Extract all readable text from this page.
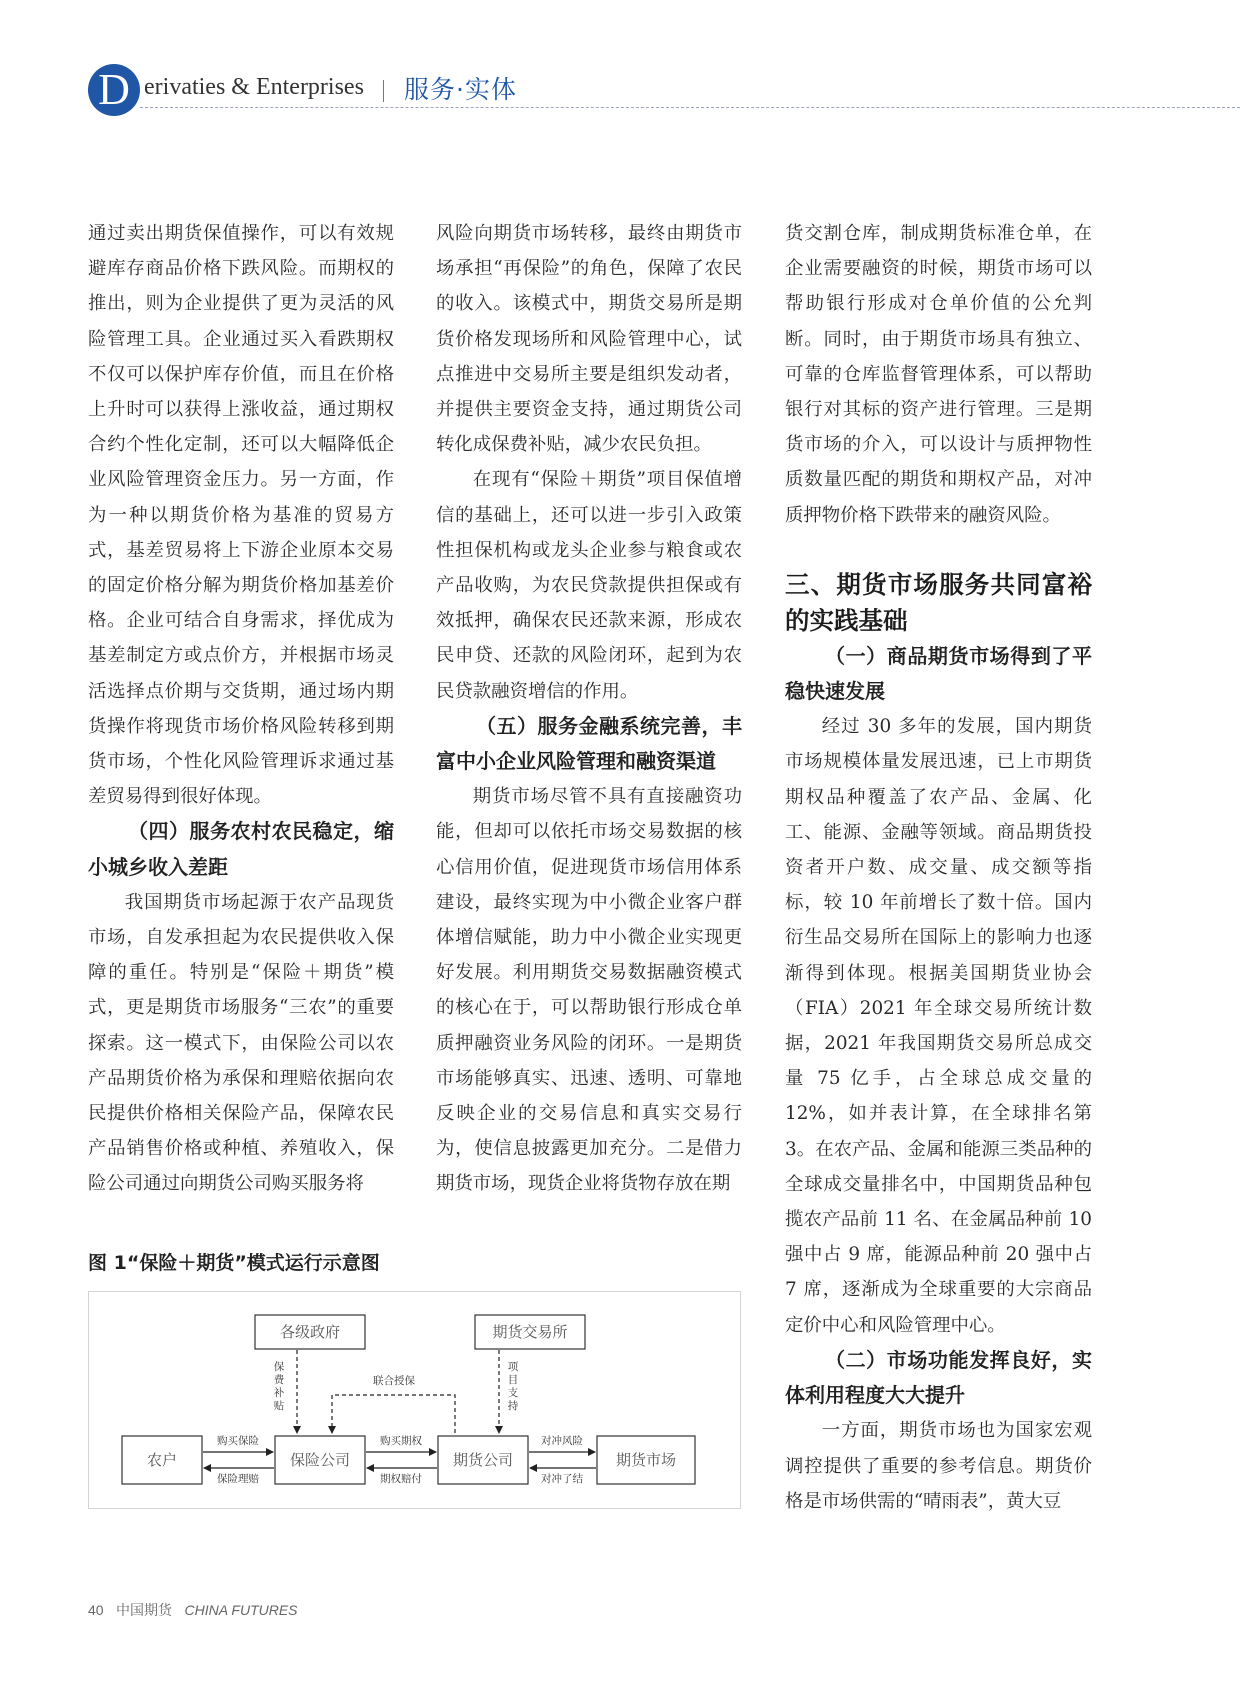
D erivaties & Enterprises 服务·实体

通过卖出期货保值操作，可以有效规避库存商品价格下跌风险。而期权的推出，则为企业提供了更为灵活的风险管理工具。企业通过买入看跌期权不仅可以保护库存价值，而且在价格上升时可以获得上涨收益，通过期权合约个性化定制，还可以大幅降低企业风险管理资金压力。另一方面，作为一种以期货价格为基准的贸易方式，基差贸易将上下游企业原本交易的固定价格分解为期货价格加基差价格。企业可结合自身需求，择优成为基差制定方或点价方，并根据市场灵活选择点价期与交货期，通过场内期货操作将现货市场价格风险转移到期货市场，个性化风险管理诉求通过基差贸易得到很好体现。

（四）服务农村农民稳定，缩小城乡收入差距

我国期货市场起源于农产品现货市场，自发承担起为农民提供收入保障的重任。特别是“保险＋期货”模式，更是期货市场服务“三农”的重要探索。这一模式下，由保险公司以农产品期货价格为承保和理赔依据向农民提供价格相关保险产品，保障农民产品销售价格或种植、养殖收入，保险公司通过向期货公司购买服务将

风险向期货市场转移，最终由期货市场承担“再保险”的角色，保障了农民的收入。该模式中，期货交易所是期货价格发现场所和风险管理中心，试点推进中交易所主要是组织发动者，并提供主要资金支持，通过期货公司转化成保费补贴，减少农民负担。

在现有“保险＋期货”项目保值增信的基础上，还可以进一步引入政策性担保机构或龙头企业参与粮食或农产品收购，为农民贷款提供担保或有效抵押，确保农民还款来源，形成农民申贷、还款的风险闭环，起到为农民贷款融资增信的作用。

（五）服务金融系统完善，丰富中小企业风险管理和融资渠道

期货市场尽管不具有直接融资功能，但却可以依托市场交易数据的核心信用价值，促进现货市场信用体系建设，最终实现为中小微企业客户群体增信赋能，助力中小微企业实现更好发展。利用期货交易数据融资模式的核心在于，可以帮助银行形成仓单质押融资业务风险的闭环。一是期货市场能够真实、迅速、透明、可靠地反映企业的交易信息和真实交易行为，使信息披露更加充分。二是借力期货市场，现货企业将货物存放在期

货交割仓库，制成期货标准仓单，在企业需要融资的时候，期货市场可以帮助银行形成对仓单价值的公允判断。同时，由于期货市场具有独立、可靠的仓库监督管理体系，可以帮助银行对其标的资产进行管理。三是期货市场的介入，可以设计与质押物性质数量匹配的期货和期权产品，对冲质押物价格下跌带来的融资风险。

三、期货市场服务共同富裕的实践基础
（一）商品期货市场得到了平稳快速发展

经过 30 多年的发展，国内期货市场规模体量发展迅速，已上市期货期权品种覆盖了农产品、金属、化工、能源、金融等领域。商品期货投资者开户数、成交量、成交额等指标，较 10 年前增长了数十倍。国内衍生品交易所在国际上的影响力也逐渐得到体现。根据美国期货业协会（FIA）2021 年全球交易所统计数据，2021 年我国期货交易所总成交量 75 亿手，占全球总成交量的 12%，如并表计算，在全球排名第 3。在农产品、金属和能源三类品种的全球成交量排名中，中国期货品种包揽农产品前 11 名、在金属品种前 10 强中占 9 席，能源品种前 20 强中占 7 席，逐渐成为全球重要的大宗商品定价中心和风险管理中心。

（二）市场功能发挥良好，实体利用程度大大提升

一方面，期货市场也为国家宏观调控提供了重要的参考信息。期货价格是市场供需的“晴雨表”，黄大豆

图 1“保险＋期货”模式运行示意图
各级政府	期货交易所
农户	保险公司	期货公司	期货市场
保
费
补
贴
项
目
支
持
联合授保
购买保险
保险理赔
购买期权
期权赔付
对冲风险
对冲了结
40 中国期货 CHINA FUTURES
